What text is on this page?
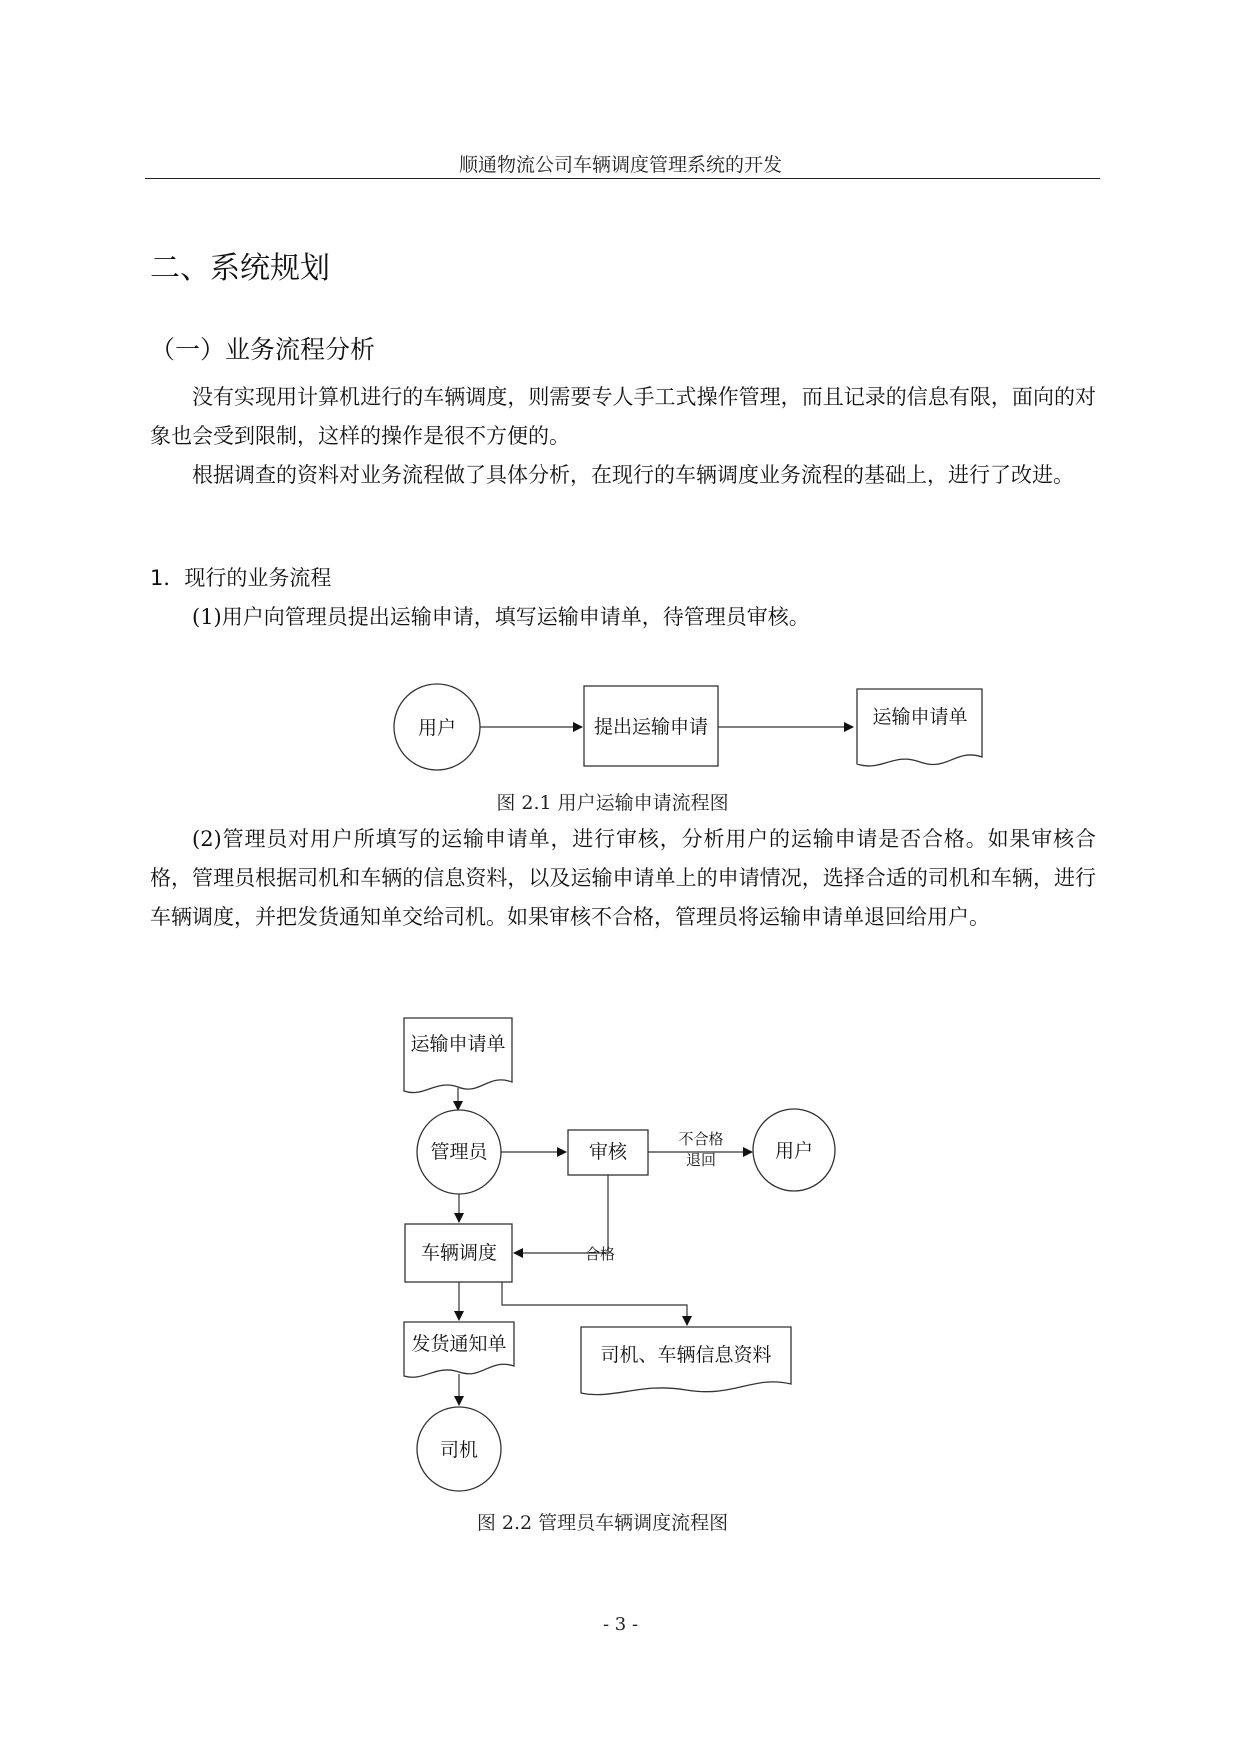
顺通物流公司车辆调度管理系统的开发
二、系统规划
（一）业务流程分析
没有实现用计算机进行的车辆调度，则需要专人手工式操作管理，而且记录的信息有限，面向的对象也会受到限制，这样的操作是很不方便的。
根据调查的资料对业务流程做了具体分析，在现行的车辆调度业务流程的基础上，进行了改进。
1．现行的业务流程
(1)用户向管理员提出运输申请，填写运输申请单，待管理员审核。
用户	提出运输申请	运输申请单
运输申请单
管理员	审核
不合格
退回	用户
合格
车辆调度
发货通知单	司机、车辆信息资料
司机
图 2.1 用户运输申请流程图
(2)管理员对用户所填写的运输申请单，进行审核，分析用户的运输申请是否合格。如果审核合格，管理员根据司机和车辆的信息资料，以及运输申请单上的申请情况，选择合适的司机和车辆，进行车辆调度，并把发货通知单交给司机。如果审核不合格，管理员将运输申请单退回给用户。
图 2.2 管理员车辆调度流程图
- 3 -
